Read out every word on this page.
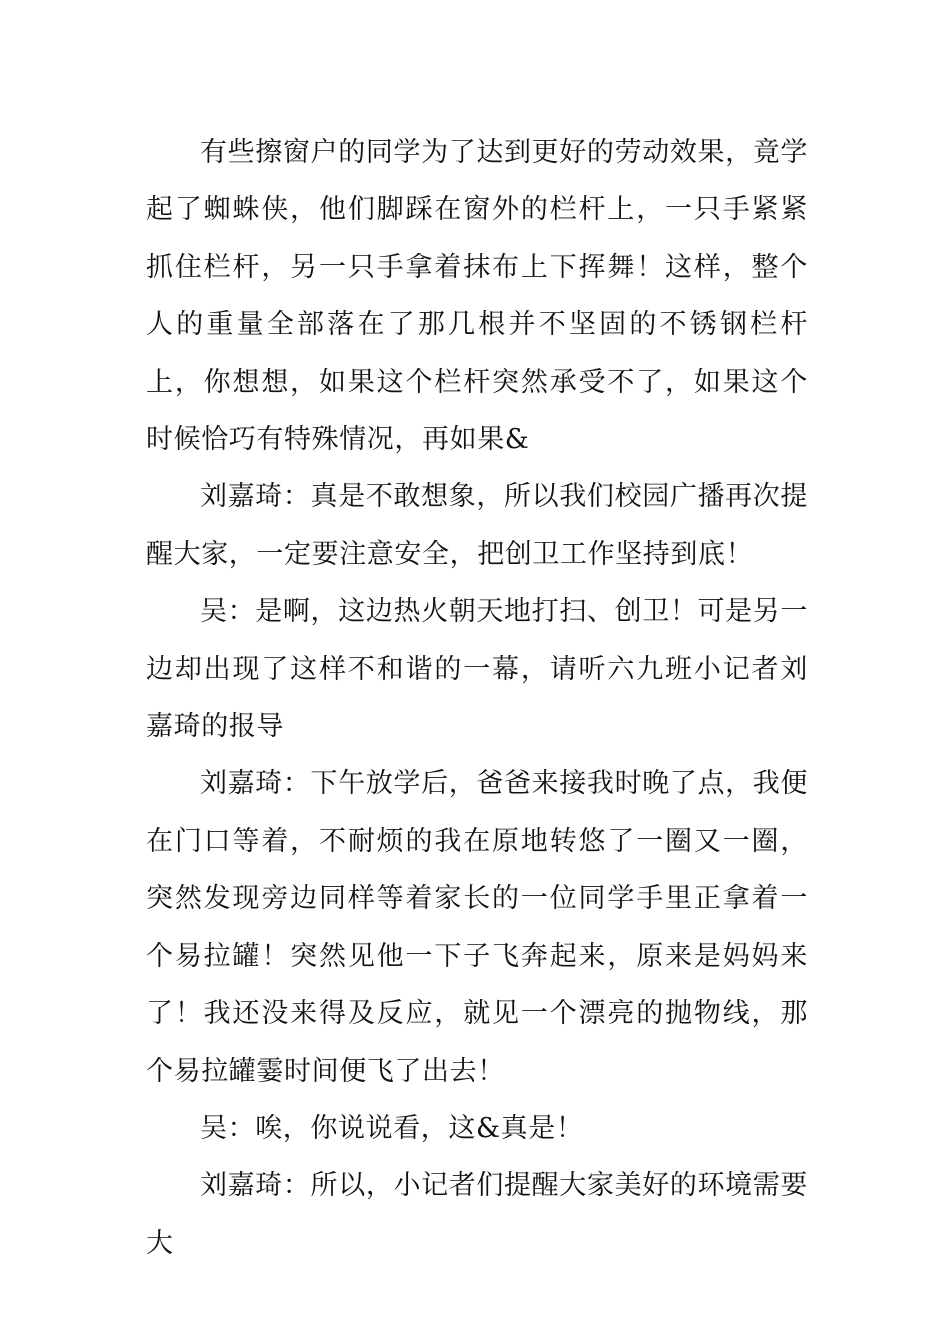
有些擦窗户的同学为了达到更好的劳动效果，竟学起了蜘蛛侠，他们脚踩在窗外的栏杆上，一只手紧紧抓住栏杆，另一只手拿着抹布上下挥舞！这样，整个人的重量全部落在了那几根并不坚固的不锈钢栏杆上，你想想，如果这个栏杆突然承受不了，如果这个时候恰巧有特殊情况，再如果&

刘嘉琦：真是不敢想象，所以我们校园广播再次提醒大家，一定要注意安全，把创卫工作坚持到底！

吴：是啊，这边热火朝天地打扫、创卫！可是另一边却出现了这样不和谐的一幕，请听六九班小记者刘嘉琦的报导

刘嘉琦：下午放学后，爸爸来接我时晚了点，我便在门口等着，不耐烦的我在原地转悠了一圈又一圈，突然发现旁边同样等着家长的一位同学手里正拿着一个易拉罐！突然见他一下子飞奔起来，原来是妈妈来了！我还没来得及反应，就见一个漂亮的抛物线，那个易拉罐霎时间便飞了出去！

吴：唉，你说说看，这&真是！

刘嘉琦：所以，小记者们提醒大家美好的环境需要大
